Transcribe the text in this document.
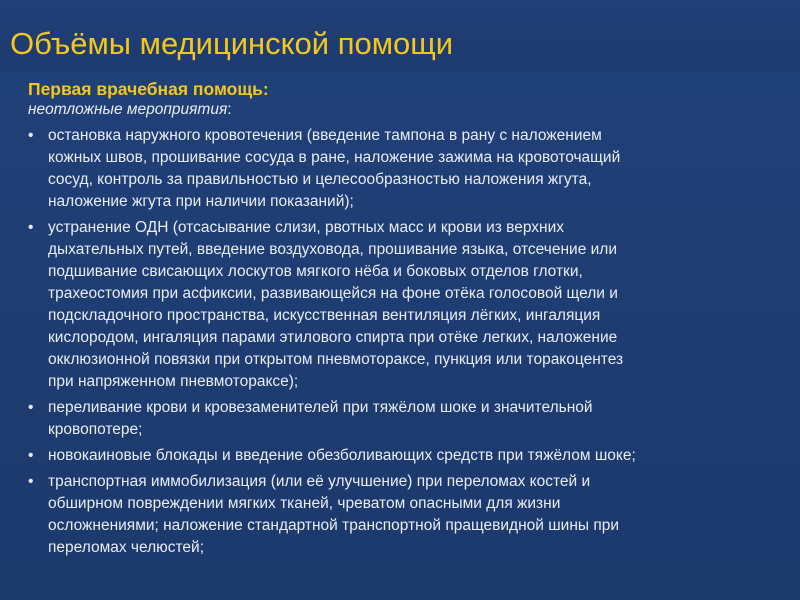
Объёмы медицинской помощи
Первая врачебная помощь:
неотложные мероприятия:
• остановка наружного кровотечения (введение тампона в рану с наложением
кожных швов, прошивание сосуда в ране, наложение зажима на кровоточащий
сосуд, контроль за правильностью и целесообразностью наложения жгута,
наложение жгута при наличии показаний);
• устранение ОДН (отсасывание слизи, рвотных масс и крови из верхних
дыхательных путей, введение воздуховода, прошивание языка, отсечение или
подшивание свисающих лоскутов мягкого нёба и боковых отделов глотки,
трахеостомия при асфиксии, развивающейся на фоне отёка голосовой щели и
подскладочного пространства, искусственная вентиляция лёгких, ингаляция
кислородом, ингаляция парами этилового спирта при отёке легких, наложение
окклюзионной повязки при открытом пневмотораксе, пункция или торакоцентез
при напряженном пневмотораксе);
• переливание крови и кровезаменителей при тяжёлом шоке и значительной
кровопотере;
• новокаиновые блокады и введение обезболивающих средств при тяжёлом шоке;
• транспортная иммобилизация (или её улучшение) при переломах костей и
обширном повреждении мягких тканей, чреватом опасными для жизни
осложнениями; наложение стандартной транспортной пращевидной шины при
переломах челюстей;
